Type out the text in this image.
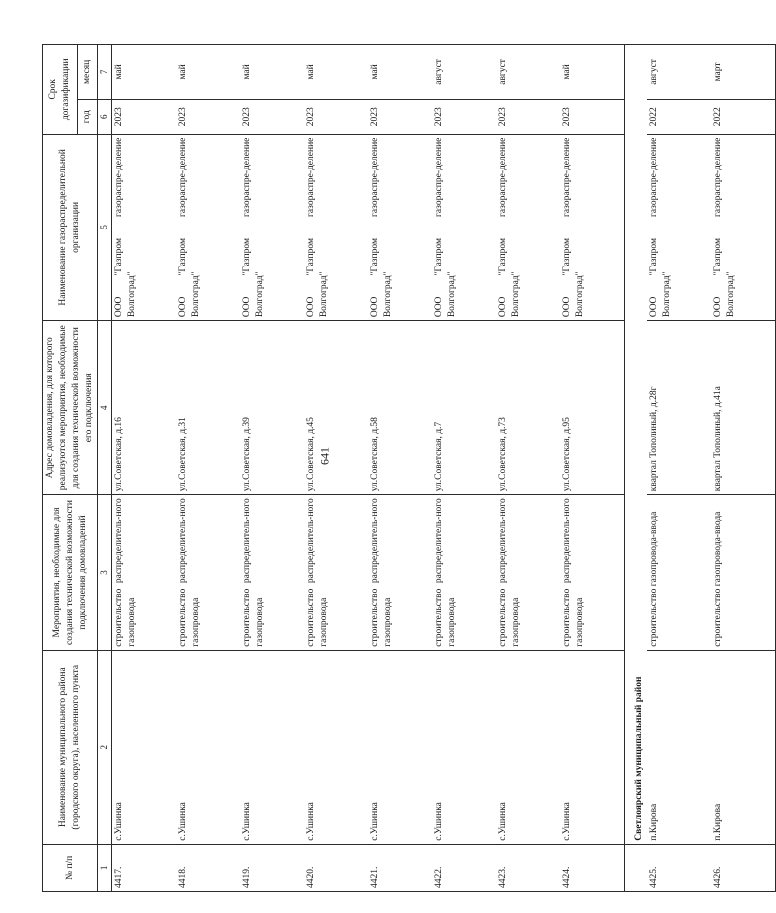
641
№ п/п	Наименование муниципального района (городского округа), населенного пункта	Мероприятия, необходимые для создания технической возможности подключения домовладений	Адрес домовладения, для которого реализуются мероприятия, необходимые для создания технической возможности его подключения	Наименование газораспределительной организации	Срок догазификации	
					год	месяц
1	2	3	4	5	6	7
4417.	с.Ушинка	строительство распределитель-ного газопровода	ул.Советская, д.16	ООО "Газпром газораспре-деление Волгоград"	2023	май
4418.	с.Ушинка	строительство распределитель-ного газопровода	ул.Советская, д.31	ООО "Газпром газораспре-деление Волгоград"	2023	май
4419.	с.Ушинка	строительство распределитель-ного газопровода	ул.Советская, д.39	ООО "Газпром газораспре-деление Волгоград"	2023	май
4420.	с.Ушинка	строительство распределитель-ного газопровода	ул.Советская, д.45	ООО "Газпром газораспре-деление Волгоград"	2023	май
4421.	с.Ушинка	строительство распределитель-ного газопровода	ул.Советская, д.58	ООО "Газпром газораспре-деление Волгоград"	2023	май
4422.	с.Ушинка	строительство распределитель-ного газопровода	ул.Советская, д.7	ООО "Газпром газораспре-деление Волгоград"	2023	август
4423.	с.Ушинка	строительство распределитель-ного газопровода	ул.Советская, д.73	ООО "Газпром газораспре-деление Волгоград"	2023	август
4424.	с.Ушинка	строительство распределитель-ного газопровода	ул.Советская, д.95	ООО "Газпром газораспре-деление Волгоград"	2023	май
	Светлоярский муниципальный район					
4425.	п.Кирова	строительство газопровода-ввода	квартал Тополиный, д.28г	ООО "Газпром газораспре-деление Волгоград"	2022	август
4426.	п.Кирова	строительство газопровода-ввода	квартал Тополиный, д.41а	ООО "Газпром газораспре-деление Волгоград"	2022	март
